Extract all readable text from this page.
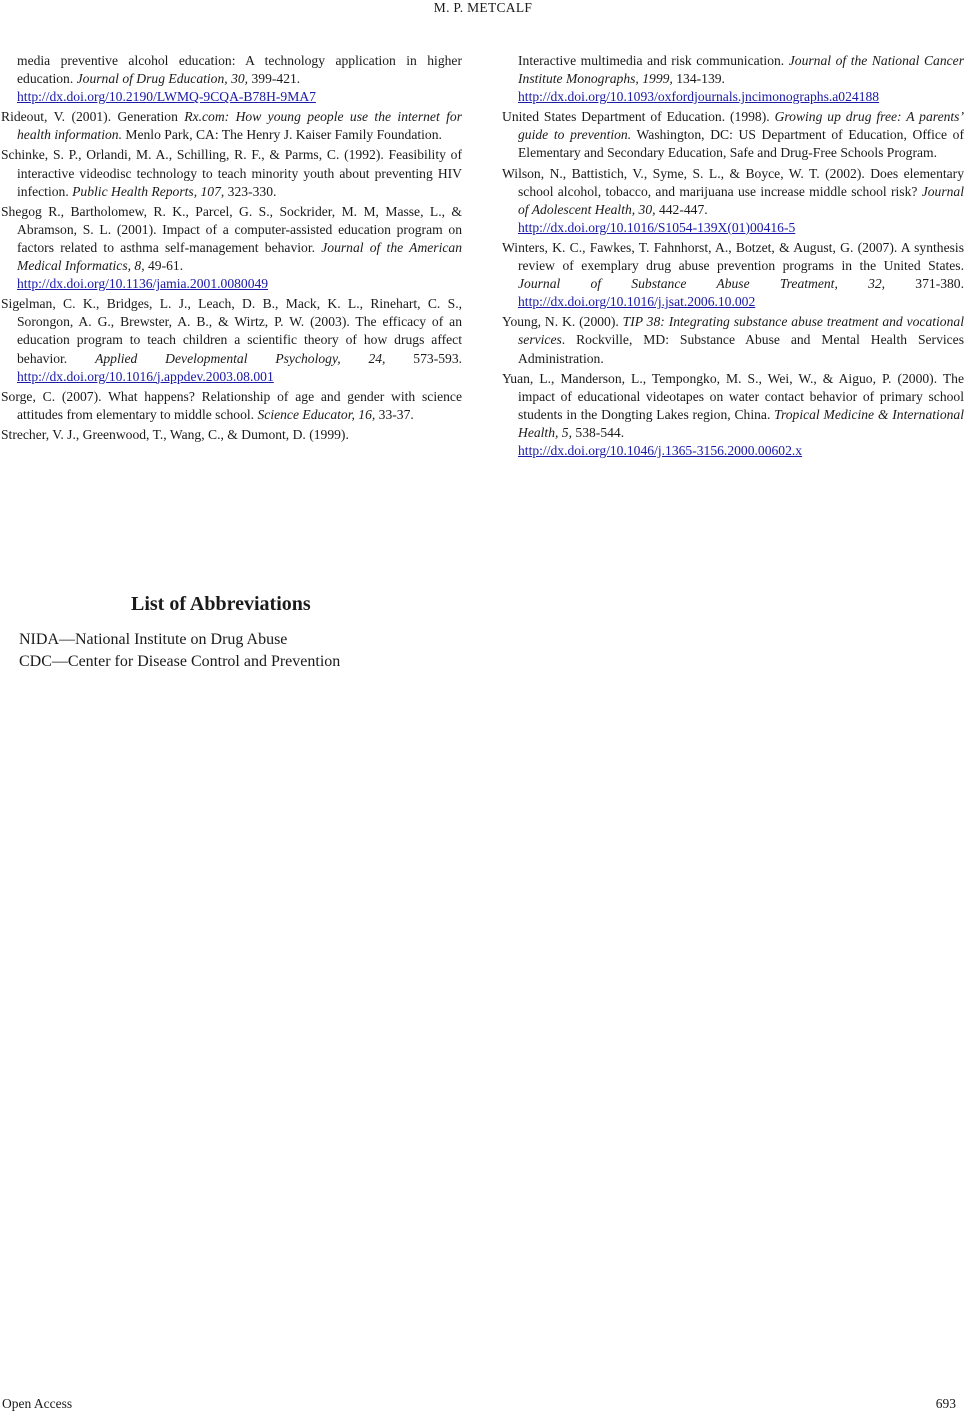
M. P. METCALF

media preventive alcohol education: A technology application in higher education. Journal of Drug Education, 30, 399-421.
http://dx.doi.org/10.2190/LWMQ-9CQA-B78H-9MA7

Rideout, V. (2001). Generation Rx.com: How young people use the internet for health information. Menlo Park, CA: The Henry J. Kaiser Family Foundation.

Schinke, S. P., Orlandi, M. A., Schilling, R. F., & Parms, C. (1992). Feasibility of interactive videodisc technology to teach minority youth about preventing HIV infection. Public Health Reports, 107, 323-330.

Shegog R., Bartholomew, R. K., Parcel, G. S., Sockrider, M. M, Masse, L., & Abramson, S. L. (2001). Impact of a computer-assisted education program on factors related to asthma self-management behavior. Journal of the American Medical Informatics, 8, 49-61.
http://dx.doi.org/10.1136/jamia.2001.0080049

Sigelman, C. K., Bridges, L. J., Leach, D. B., Mack, K. L., Rinehart, C. S., Sorongon, A. G., Brewster, A. B., & Wirtz, P. W. (2003). The efficacy of an education program to teach children a scientific theory of how drugs affect behavior. Applied Developmental Psychology, 24, 573-593. http://dx.doi.org/10.1016/j.appdev.2003.08.001

Sorge, C. (2007). What happens? Relationship of age and gender with science attitudes from elementary to middle school. Science Educator, 16, 33-37.

Strecher, V. J., Greenwood, T., Wang, C., & Dumont, D. (1999).

Interactive multimedia and risk communication. Journal of the National Cancer Institute Monographs, 1999, 134-139.
http://dx.doi.org/10.1093/oxfordjournals.jncimonographs.a024188

United States Department of Education. (1998). Growing up drug free: A parents’ guide to prevention. Washington, DC: US Department of Education, Office of Elementary and Secondary Education, Safe and Drug-Free Schools Program.

Wilson, N., Battistich, V., Syme, S. L., & Boyce, W. T. (2002). Does elementary school alcohol, tobacco, and marijuana use increase middle school risk? Journal of Adolescent Health, 30, 442-447.
http://dx.doi.org/10.1016/S1054-139X(01)00416-5

Winters, K. C., Fawkes, T. Fahnhorst, A., Botzet, & August, G. (2007). A synthesis review of exemplary drug abuse prevention programs in the United States. Journal of Substance Abuse Treatment, 32, 371-380. http://dx.doi.org/10.1016/j.jsat.2006.10.002

Young, N. K. (2000). TIP 38: Integrating substance abuse treatment and vocational services. Rockville, MD: Substance Abuse and Mental Health Services Administration.

Yuan, L., Manderson, L., Tempongko, M. S., Wei, W., & Aiguo, P. (2000). The impact of educational videotapes on water contact behavior of primary school students in the Dongting Lakes region, China. Tropical Medicine & International Health, 5, 538-544.
http://dx.doi.org/10.1046/j.1365-3156.2000.00602.x

List of Abbreviations
NIDA—National Institute on Drug Abuse
CDC—Center for Disease Control and Prevention
Open Access	693
